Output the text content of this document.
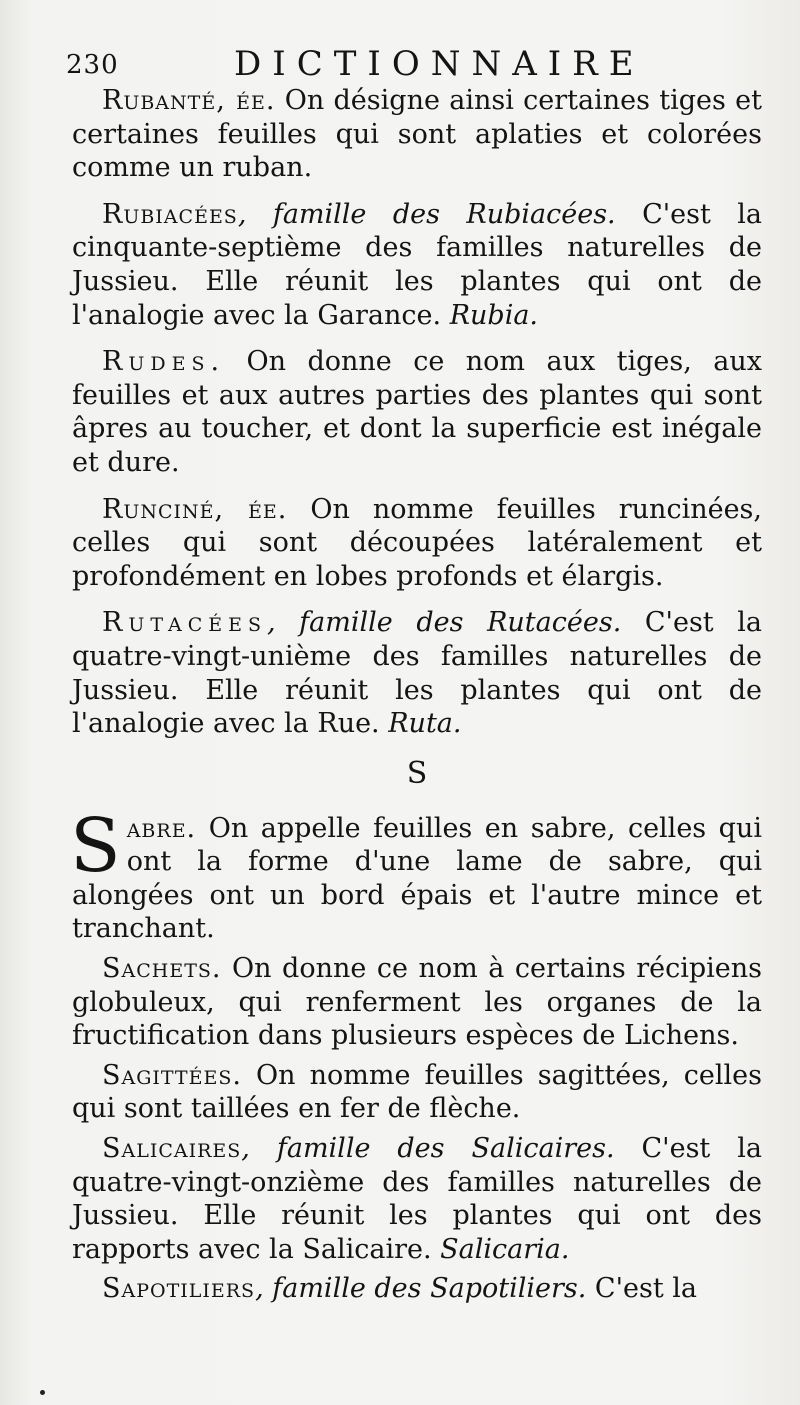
230	DICTIONNAIRE

Rubanté, ée. On désigne ainsi certaines tiges et certaines feuilles qui sont aplaties et colorées comme un ruban.

Rubiacées, famille des Rubiacées. C'est la cinquante-septième des familles naturelles de Jussieu. Elle réunit les plantes qui ont de l'analogie avec la Garance. Rubia.

Rudes. On donne ce nom aux tiges, aux feuilles et aux autres parties des plantes qui sont âpres au toucher, et dont la superficie est inégale et dure.

Runciné, ée. On nomme feuilles runcinées, celles qui sont découpées latéralement et profondément en lobes profonds et élargis.

Rutacées, famille des Rutacées. C'est la quatre-vingt-unième des familles naturelles de Jussieu. Elle réunit les plantes qui ont de l'analogie avec la Rue. Ruta.

S

Sabre. On appelle feuilles en sabre, celles qui ont la forme d'une lame de sabre, qui alongées ont un bord épais et l'autre mince et tranchant.

Sachets. On donne ce nom à certains récipiens globuleux, qui renferment les organes de la fructification dans plusieurs espèces de Lichens.

Sagittées. On nomme feuilles sagittées, celles qui sont taillées en fer de flèche.

Salicaires, famille des Salicaires. C'est la quatre-vingt-onzième des familles naturelles de Jussieu. Elle réunit les plantes qui ont des rapports avec la Salicaire. Salicaria.

Sapotiliers, famille des Sapotiliers. C'est la
